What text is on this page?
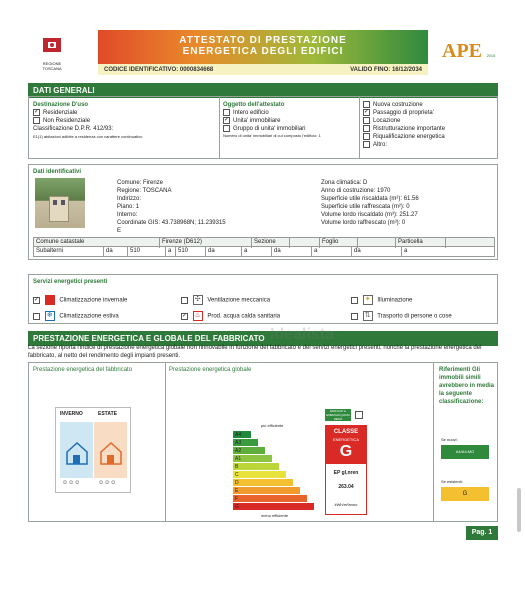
REGIONE TOSCANA
ATTESTATO DI PRESTAZIONE
ENERGETICA DEGLI EDIFICI
CODICE IDENTIFICATIVO: 0000834668	VALIDO FINO: 16/12/2034
APE 2015
DATI GENERALI
Destinazione D'uso
✓ Residenziale
Non Residenziale
Classificazione D.P.R. 412/93:
E1(1) abitazioni adibite a residenza con carattere continuativo
Oggetto dell'attestato
Intero edificio
✓ Unita' immobiliare
Gruppo di unita' immobiliari
Numero di unita' immobiliari di cui composto l'edificio: 1
Nuova costruzione
✓ Passaggio di proprieta'
Locazione
Ristrutturazione importante
Riqualificazione energetica
Altro:
Dati identificativi
Comune: Firenze
Regione: TOSCANA
Indirizzo:
Piano: 1
Interno:
Coordinate GIS: 43.738968N; 11.239315
E
Zona climatica: D
Anno di costruzione: 1970
Superficie utile riscaldata (m²): 61.56
Superficie utile raffrescata (m²): 0
Volume lordo riscaldato (m³): 251.27
Volume lordo raffrescato (m³): 0
Comune catastale	Firenze (D612)	Sezione	Foglio	Particella
Subalterni	da	510	a	510	da	a	da	a	da	a
Servizi energetici presenti
✓	Climatizzazione invernale
❄ Climatizzazione estiva
✣ Ventilazione meccanica
✓ ♨ Prod. acqua calda sanitaria
✦ Illuminazione
⇅ Trasporto di persone o cose
PRESTAZIONE ENERGETICA E GLOBALE DEL FABBRICATO Idealista
La sezione riporta l'indice di prestazione energetica globale non rinnovabile in funzione del fabbricato e dei servizi energetici presenti, nonché la prestazione energetica del fabbricato, al netto del rendimento degli impianti presenti.
Prestazione energetica del fabbricato
INVERNO	ESTATE
☺☺☺	☺☺☺
Prestazione energetica globale
più efficiente
A4
A3
A2
A1
B
C
D
E
F
G
meno efficiente
EDIFICIO A ENERGIA QUASI ZERO
CLASSE
ENERGETICA
G
EP gl,nren
263.04
kWh/m²anno
Riferimenti Gli immobili simili avrebbero in media la seguente classificazione:
Se nuovi:
A4/A4.MG
Se esistenti:
G
Pag. 1
